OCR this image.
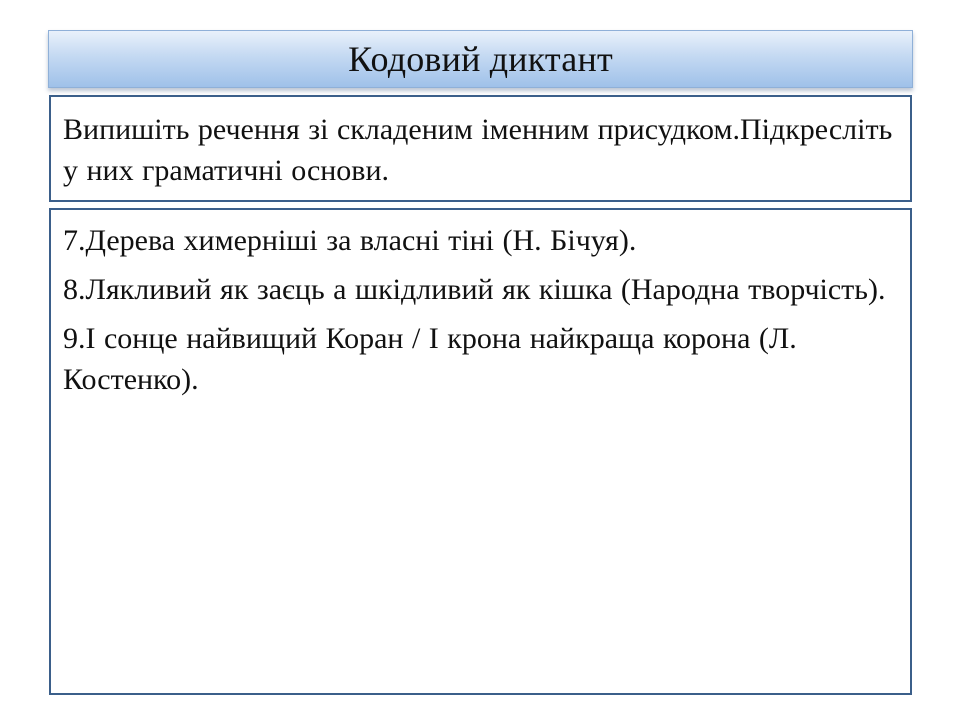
Кодовий диктант
Випишіть речення зі складеним іменним присудком.Підкресліть у них граматичні основи.

7.Дерева химерніші за власні тіні (Н. Бічуя).

8.Лякливий як заєць а шкідливий як кішка (Народна творчість).

9.І сонце найвищий Коран / І крона найкраща корона (Л. Костенко).
